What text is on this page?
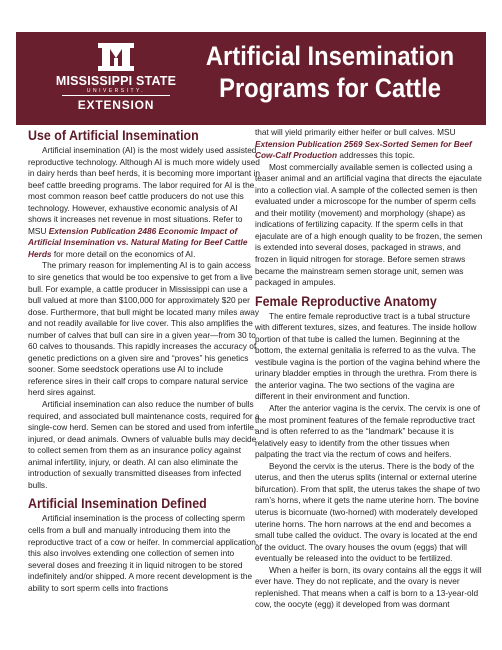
MISSISSIPPI STATE
UNIVERSITY.
EXTENSION
Artificial Insemination
Programs for Cattle
Use of Artificial Insemination

Artificial insemination (AI) is the most widely used assisted reproductive technology. Although AI is much more widely used in dairy herds than beef herds, it is becoming more important in beef cattle breeding programs. The labor required for AI is the most common reason beef cattle producers do not use this technology. However, exhaustive economic analysis of AI shows it increases net revenue in most situations. Refer to MSU Extension Publication 2486 Economic Impact of Artificial Insemination vs. Natural Mating for Beef Cattle Herds for more detail on the economics of AI.

The primary reason for implementing AI is to gain access to sire genetics that would be too expensive to get from a live bull. For example, a cattle producer in Mississippi can use a bull valued at more than $100,000 for approximately $20 per dose. Furthermore, that bull might be located many miles away and not readily available for live cover. This also amplifies the number of calves that bull can sire in a given year—from 30 to 60 calves to thousands. This rapidly increases the accuracy of genetic predictions on a given sire and “proves” his genetics sooner. Some seedstock operations use AI to include reference sires in their calf crops to compare natural service herd sires against.

Artificial insemination can also reduce the number of bulls required, and associated bull maintenance costs, required for a single-cow herd. Semen can be stored and used from infertile, injured, or dead animals. Owners of valuable bulls may decide to collect semen from them as an insurance policy against animal infertility, injury, or death. AI can also eliminate the introduction of sexually transmitted diseases from infected bulls.

Artificial Insemination Defined

Artificial insemination is the process of collecting sperm cells from a bull and manually introducing them into the reproductive tract of a cow or heifer. In commercial application, this also involves extending one collection of semen into several doses and freezing it in liquid nitrogen to be stored indefinitely and/or shipped. A more recent development is the ability to sort sperm cells into fractions

that will yield primarily either heifer or bull calves. MSU Extension Publication 2569 Sex-Sorted Semen for Beef Cow-Calf Production addresses this topic.

Most commercially available semen is collected using a teaser animal and an artificial vagina that directs the ejaculate into a collection vial. A sample of the collected semen is then evaluated under a microscope for the number of sperm cells and their motility (movement) and morphology (shape) as indications of fertilizing capacity. If the sperm cells in that ejaculate are of a high enough quality to be frozen, the semen is extended into several doses, packaged in straws, and frozen in liquid nitrogen for storage. Before semen straws became the mainstream semen storage unit, semen was packaged in ampules.

Female Reproductive Anatomy

The entire female reproductive tract is a tubal structure with different textures, sizes, and features. The inside hollow portion of that tube is called the lumen. Beginning at the bottom, the external genitalia is referred to as the vulva. The vestibule vagina is the portion of the vagina behind where the urinary bladder empties in through the urethra. From there is the anterior vagina. The two sections of the vagina are different in their environment and function.

After the anterior vagina is the cervix. The cervix is one of the most prominent features of the female reproductive tract and is often referred to as the “landmark” because it is relatively easy to identify from the other tissues when palpating the tract via the rectum of cows and heifers.

Beyond the cervix is the uterus. There is the body of the uterus, and then the uterus splits (internal or external uterine bifurcation). From that split, the uterus takes the shape of two ram’s horns, where it gets the name uterine horn. The bovine uterus is bicornuate (two-horned) with moderately developed uterine horns. The horn narrows at the end and becomes a small tube called the oviduct. The ovary is located at the end of the oviduct. The ovary houses the ovum (eggs) that will eventually be released into the oviduct to be fertilized.

When a heifer is born, its ovary contains all the eggs it will ever have. They do not replicate, and the ovary is never replenished. That means when a calf is born to a 13-year-old cow, the oocyte (egg) it developed from was dormant
